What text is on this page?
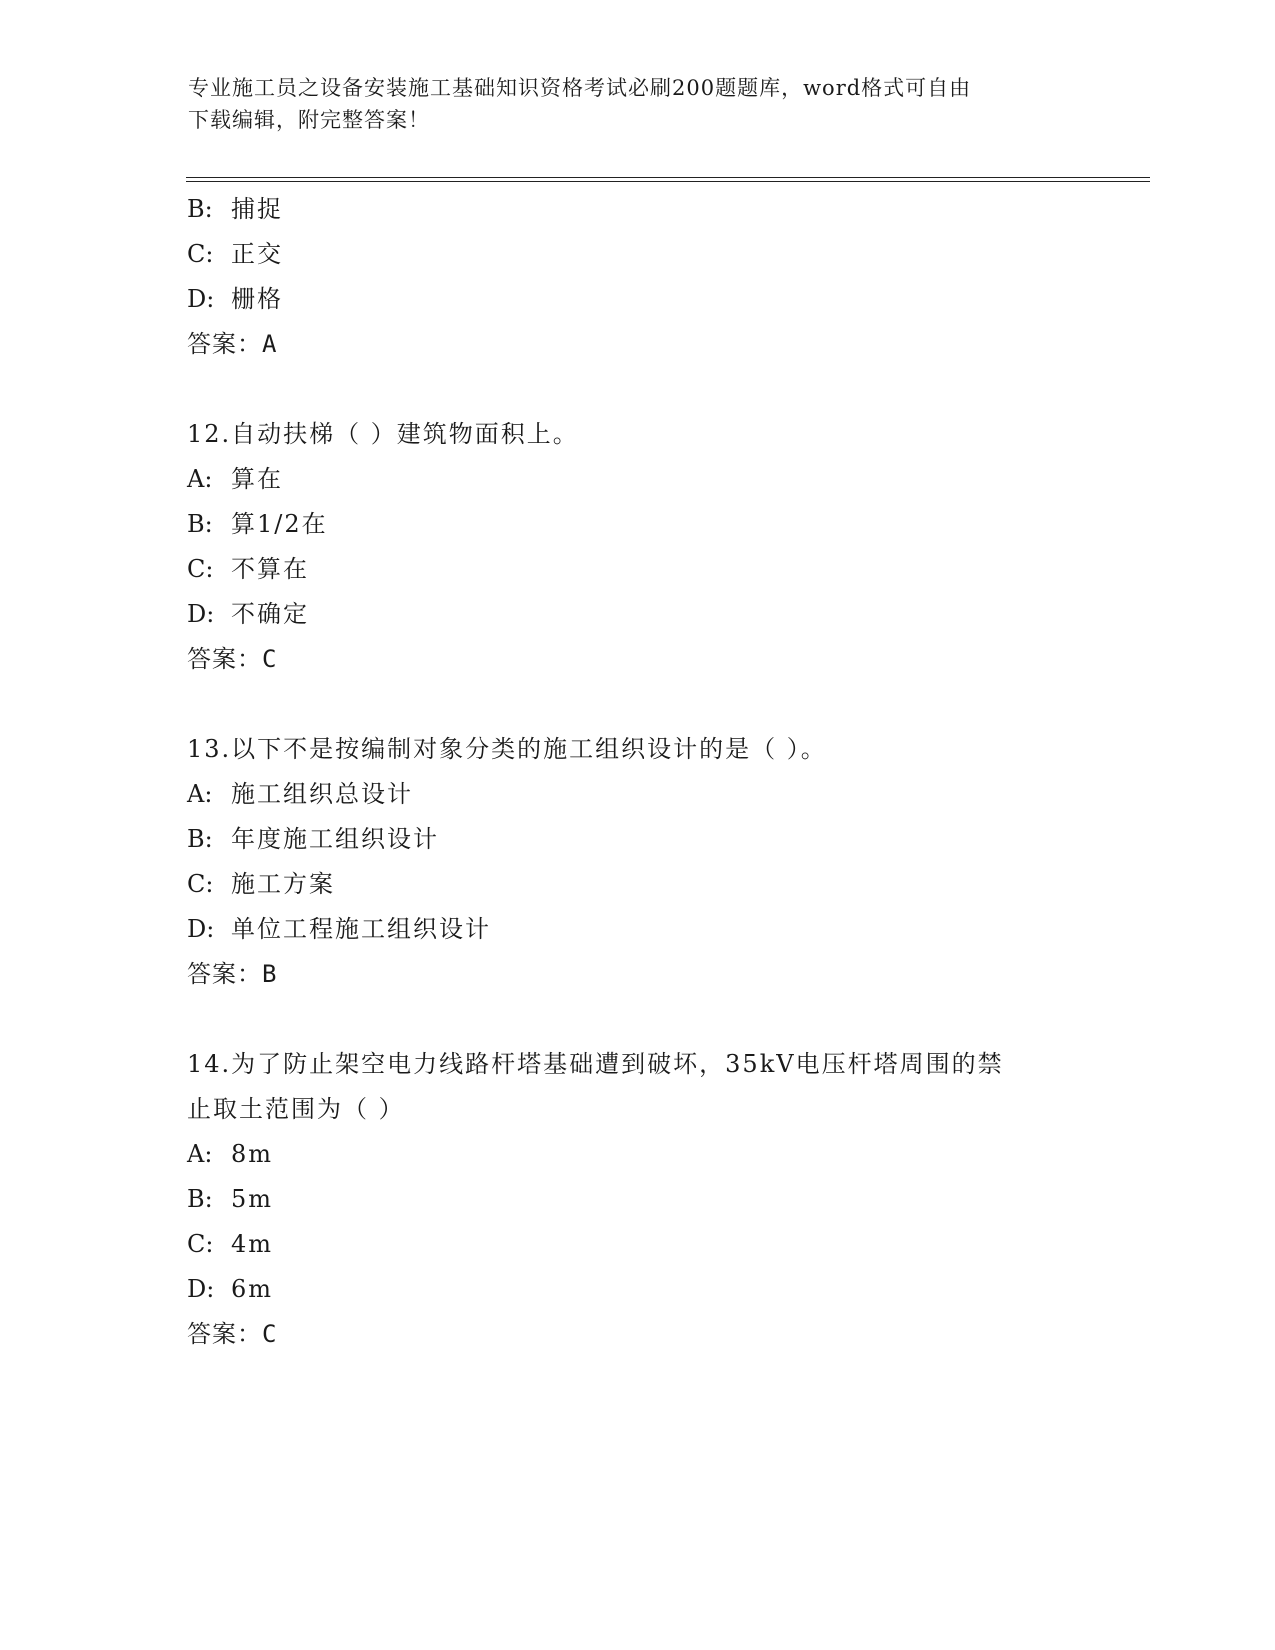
专业施工员之设备安装施工基础知识资格考试必刷200题题库，word格式可自由
下载编辑，附完整答案！
B: 捕捉
C: 正交
D: 栅格
答案：A
12.自动扶梯（ ）建筑物面积上。
A: 算在
B: 算1/2在
C: 不算在
D: 不确定
答案：C
13.以下不是按编制对象分类的施工组织设计的是（ ）。
A: 施工组织总设计
B: 年度施工组织设计
C: 施工方案
D: 单位工程施工组织设计
答案：B
14.为了防止架空电力线路杆塔基础遭到破坏，35kV电压杆塔周围的禁
止取土范围为（ ）
A: 8m
B: 5m
C: 4m
D: 6m
答案：C
